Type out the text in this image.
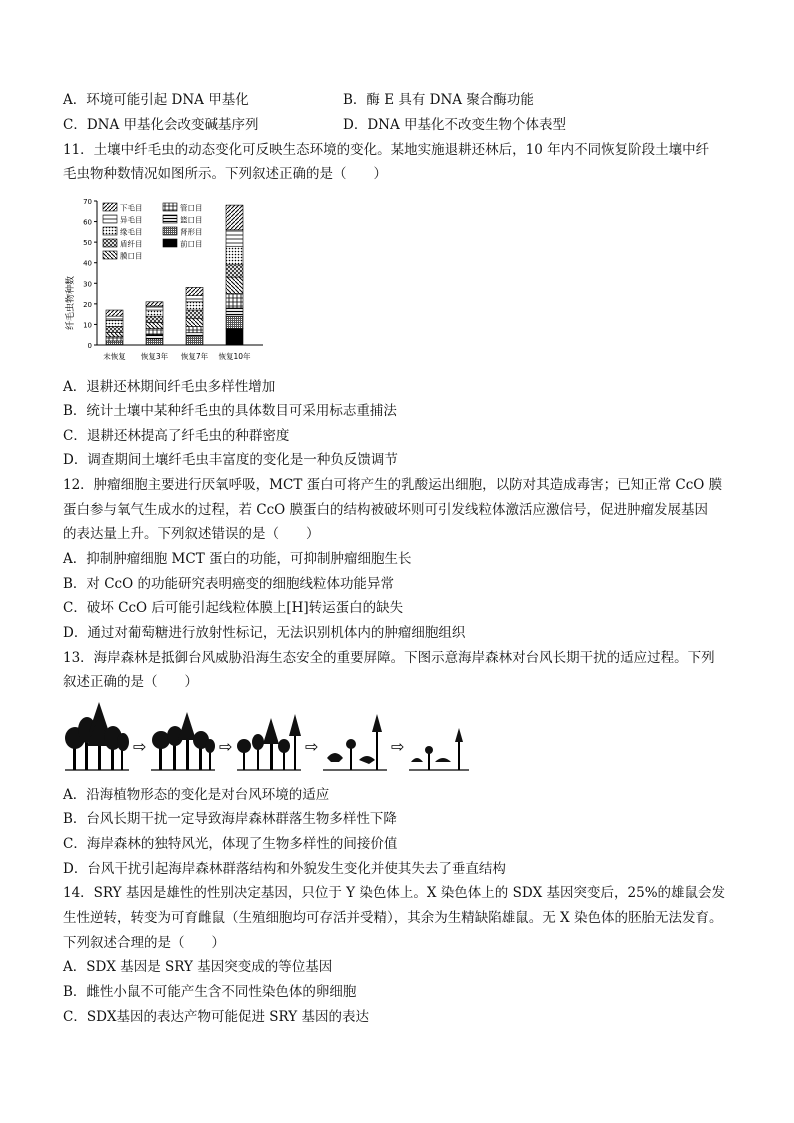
A．环境可能引起 DNA 甲基化	B．酶 E 具有 DNA 聚合酶功能
C．DNA 甲基化会改变碱基序列	D．DNA 甲基化不改变生物个体表型
11．土壤中纤毛虫的动态变化可反映生态环境的变化。某地实施退耕还林后，10 年内不同恢复阶段土壤中纤
毛虫物种数情况如图所示。下列叙述正确的是（　　）
纤毛虫物种数
0
10
20
30
40
50
60
70
未恢复 恢复3年 恢复7年 恢复10年
下毛目
异毛目
缘毛目
盾纤目
膜口目
管口目
篮口目
肾形目
前口目
A．退耕还林期间纤毛虫多样性增加
B．统计土壤中某种纤毛虫的具体数目可采用标志重捕法
C．退耕还林提高了纤毛虫的种群密度
D．调查期间土壤纤毛虫丰富度的变化是一种负反馈调节
12．肿瘤细胞主要进行厌氧呼吸，MCT 蛋白可将产生的乳酸运出细胞，以防对其造成毒害；已知正常 CcO 膜
蛋白参与氧气生成水的过程，若 CcO 膜蛋白的结构被破坏则可引发线粒体激活应激信号，促进肿瘤发展基因
的表达量上升。下列叙述错误的是（　　）
A．抑制肿瘤细胞 MCT 蛋白的功能，可抑制肿瘤细胞生长
B．对 CcO 的功能研究表明癌变的细胞线粒体功能异常
C．破坏 CcO 后可能引起线粒体膜上[H]转运蛋白的缺失
D．通过对葡萄糖进行放射性标记，无法识别机体内的肿瘤细胞组织
13．海岸森林是抵御台风威胁沿海生态安全的重要屏障。下图示意海岸森林对台风长期干扰的适应过程。下列
叙述正确的是（　　）
⇨	⇨	⇨	⇨
A．沿海植物形态的变化是对台风环境的适应
B．台风长期干扰一定导致海岸森林群落生物多样性下降
C．海岸森林的独特风光，体现了生物多样性的间接价值
D．台风干扰引起海岸森林群落结构和外貌发生变化并使其失去了垂直结构
14．SRY 基因是雄性的性别决定基因，只位于 Y 染色体上。X 染色体上的 SDX 基因突变后，25%的雄鼠会发
生性逆转，转变为可育雌鼠（生殖细胞均可存活并受精），其余为生精缺陷雄鼠。无 X 染色体的胚胎无法发育。
下列叙述合理的是（　　）
A．SDX 基因是 SRY 基因突变成的等位基因
B．雌性小鼠不可能产生含不同性染色体的卵细胞
C．SDX基因的表达产物可能促进 SRY 基因的表达
